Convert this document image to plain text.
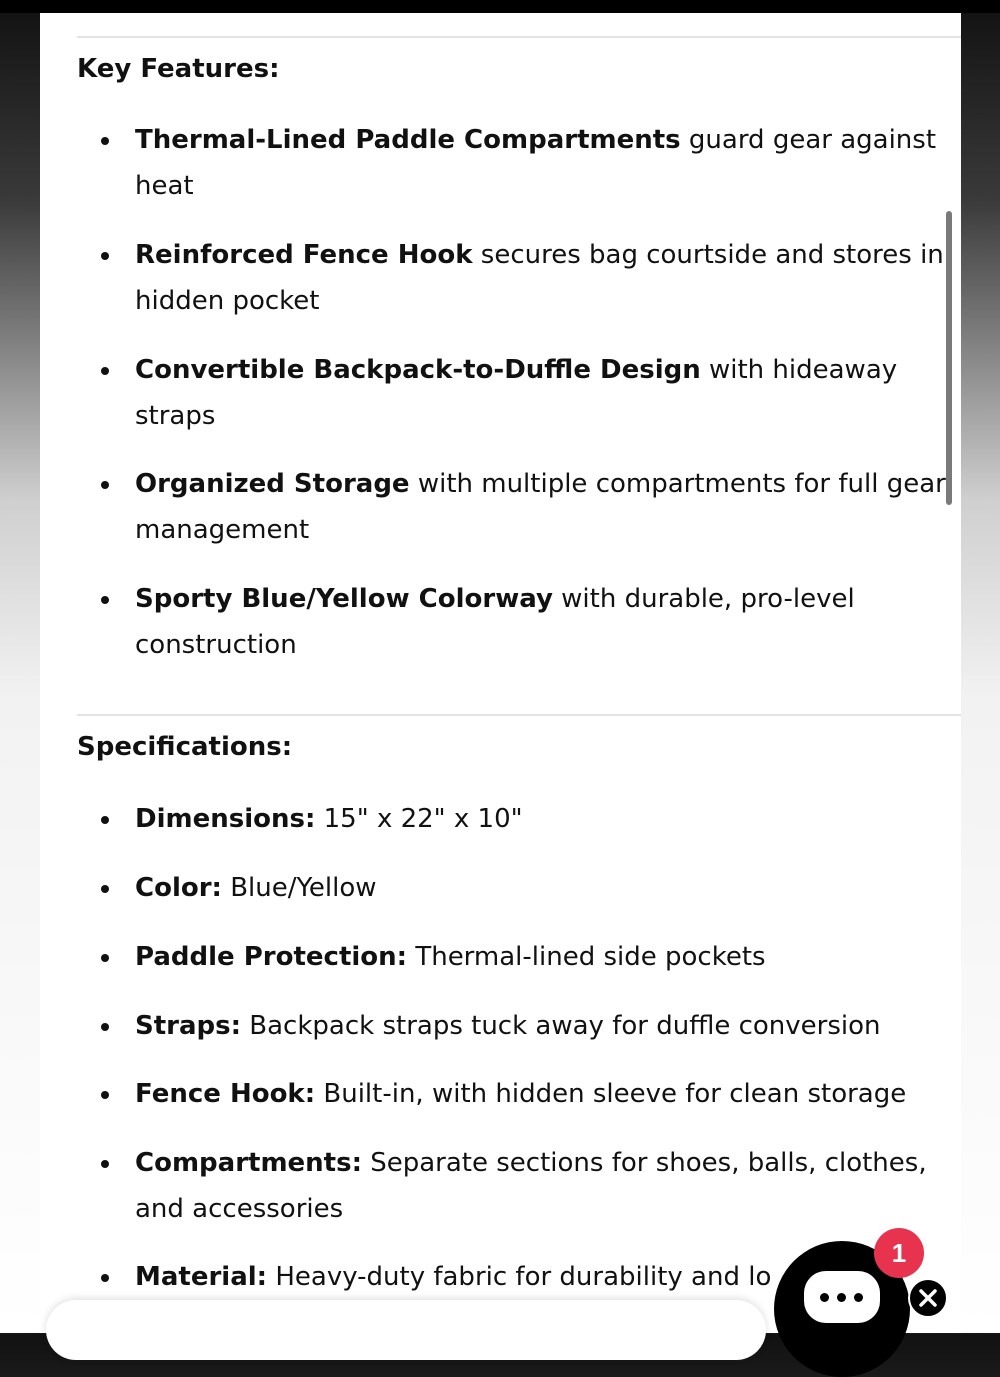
Key Features:
Thermal-Lined Paddle Compartments guard gear against
heat
Reinforced Fence Hook secures bag courtside and stores in
hidden pocket
Convertible Backpack-to-Duffle Design with hideaway
straps
Organized Storage with multiple compartments for full gear
management
Sporty Blue/Yellow Colorway with durable, pro-level
construction
Specifications:
Dimensions: 15" x 22" x 10"
Color: Blue/Yellow
Paddle Protection: Thermal-lined side pockets
Straps: Backpack straps tuck away for duffle conversion
Fence Hook: Built-in, with hidden sleeve for clean storage
Compartments: Separate sections for shoes, balls, clothes,
and accessories
Material: Heavy-duty fabric for durability and lo
1
